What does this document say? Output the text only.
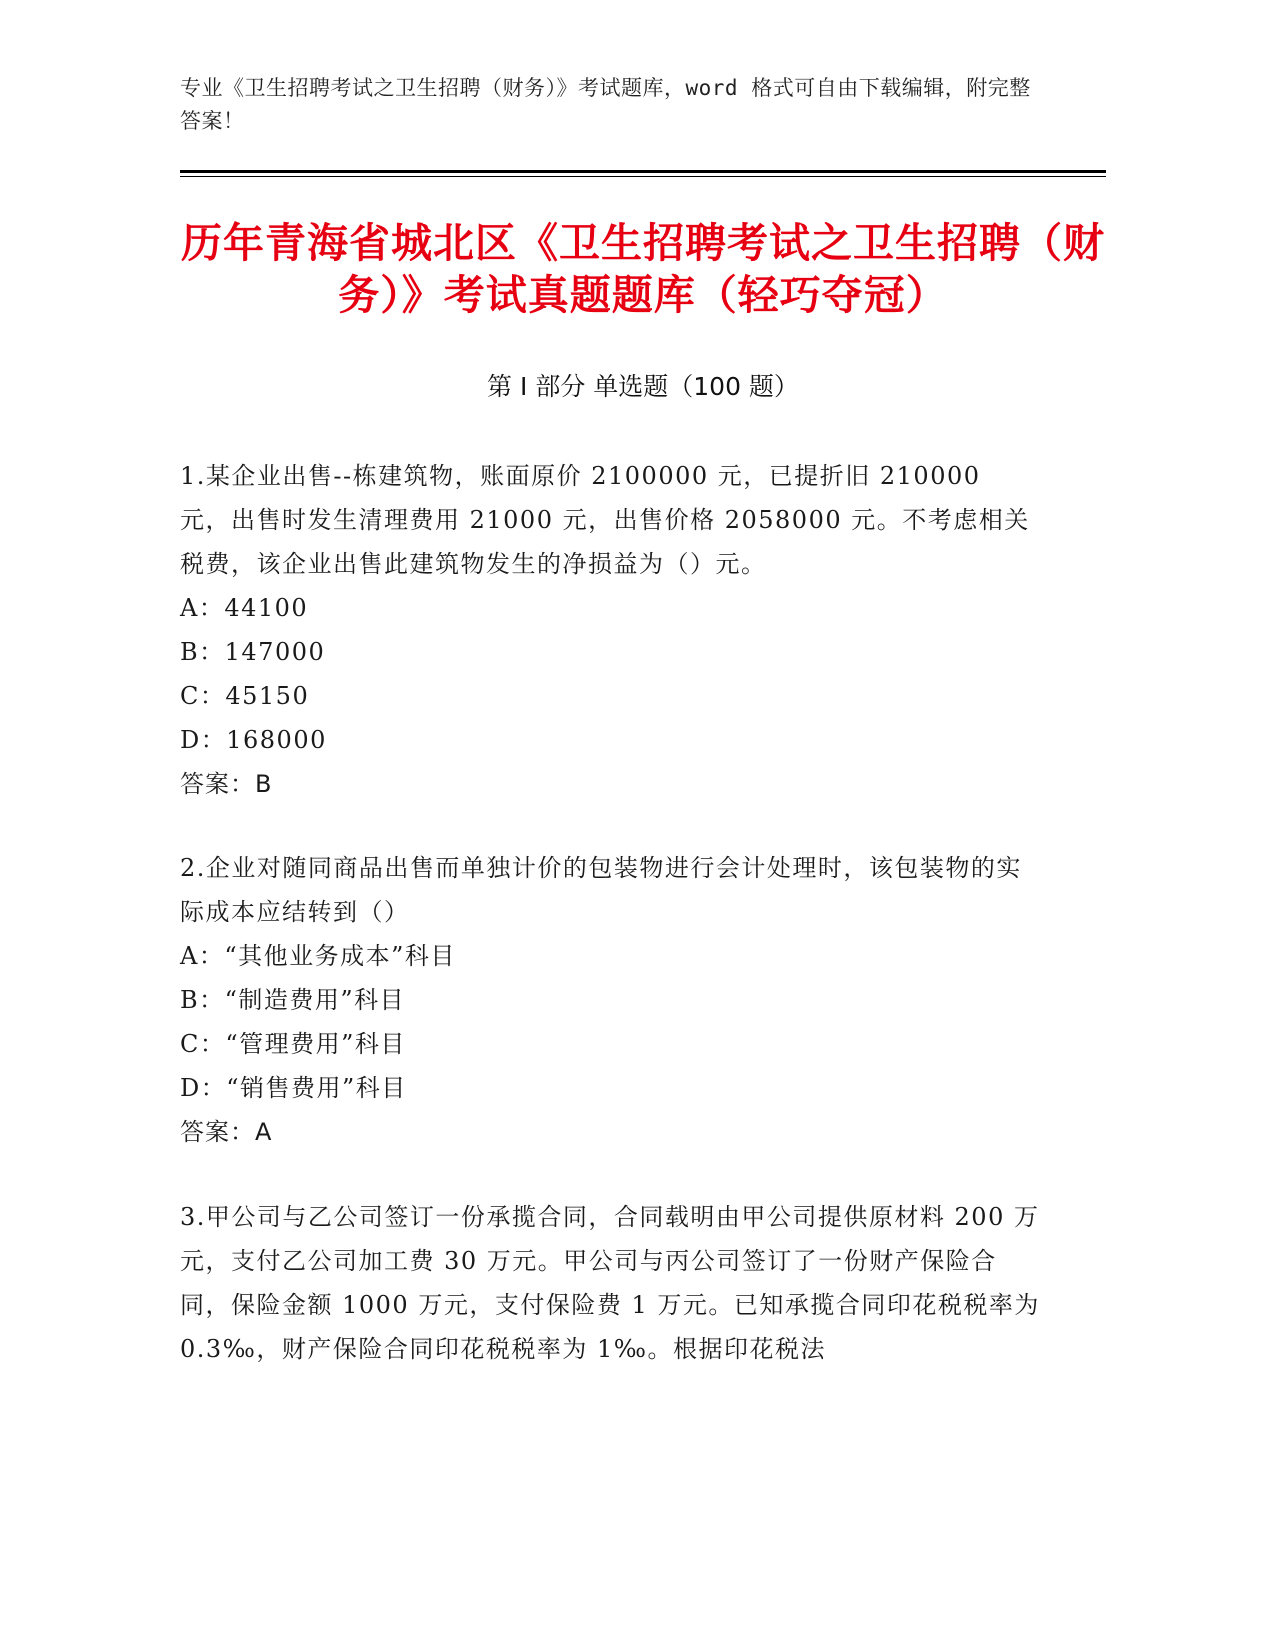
专业《卫生招聘考试之卫生招聘（财务）》考试题库，word 格式可自由下载编辑，附完整答案！
历年青海省城北区《卫生招聘考试之卫生招聘（财务）》考试真题题库（轻巧夺冠）
第 I 部分 单选题（100 题）

1.某企业出售--栋建筑物，账面原价 2100000 元，已提折旧 210000 元，出售时发生清理费用 21000 元，出售价格 2058000 元。不考虑相关税费，该企业出售此建筑物发生的净损益为（）元。

A：44100

B：147000

C：45150

D：168000

答案：B

2.企业对随同商品出售而单独计价的包装物进行会计处理时，该包装物的实际成本应结转到（）

A：“其他业务成本”科目

B：“制造费用”科目

C：“管理费用”科目

D：“销售费用”科目

答案：A

3.甲公司与乙公司签订一份承揽合同，合同载明由甲公司提供原材料 200 万元，支付乙公司加工费 30 万元。甲公司与丙公司签订了一份财产保险合同，保险金额 1000 万元，支付保险费 1 万元。已知承揽合同印花税税率为 0.3‰，财产保险合同印花税税率为 1‰。根据印花税法
